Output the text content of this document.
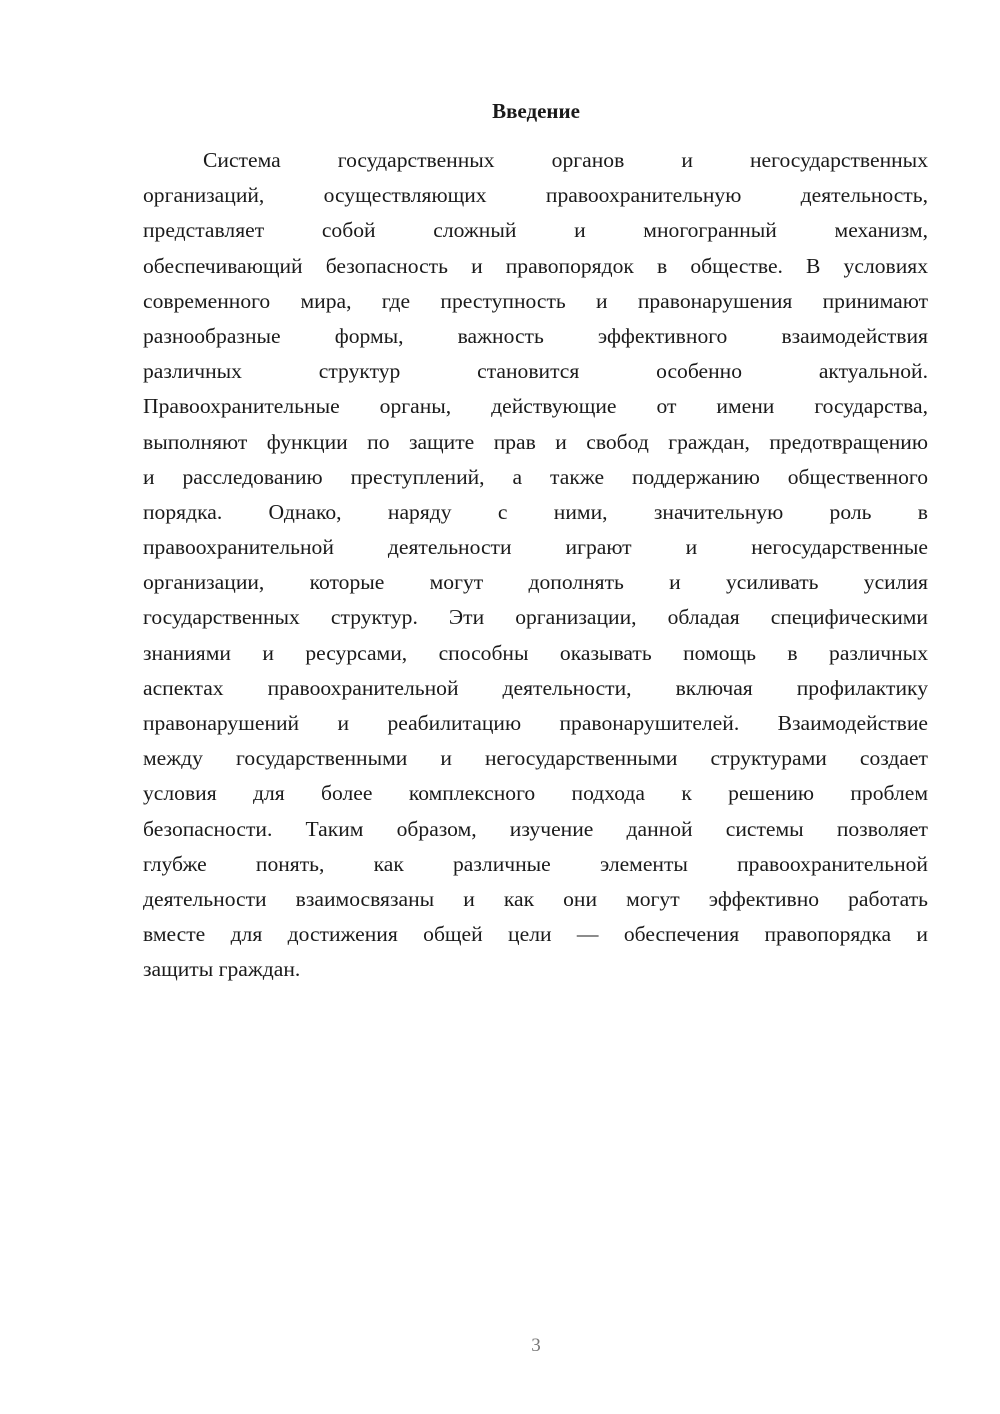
Введение
Система государственных органов и негосударственных
организаций, осуществляющих правоохранительную деятельность,
представляет собой сложный и многогранный механизм,
обеспечивающий безопасность и правопорядок в обществе. В условиях
современного мира, где преступность и правонарушения принимают
разнообразные формы, важность эффективного взаимодействия
различных структур становится особенно актуальной.
Правоохранительные органы, действующие от имени государства,
выполняют функции по защите прав и свобод граждан, предотвращению
и расследованию преступлений, а также поддержанию общественного
порядка. Однако, наряду с ними, значительную роль в
правоохранительной деятельности играют и негосударственные
организации, которые могут дополнять и усиливать усилия
государственных структур. Эти организации, обладая специфическими
знаниями и ресурсами, способны оказывать помощь в различных
аспектах правоохранительной деятельности, включая профилактику
правонарушений и реабилитацию правонарушителей. Взаимодействие
между государственными и негосударственными структурами создает
условия для более комплексного подхода к решению проблем
безопасности. Таким образом, изучение данной системы позволяет
глубже понять, как различные элементы правоохранительной
деятельности взаимосвязаны и как они могут эффективно работать
вместе для достижения общей цели — обеспечения правопорядка и
защиты граждан.
3
